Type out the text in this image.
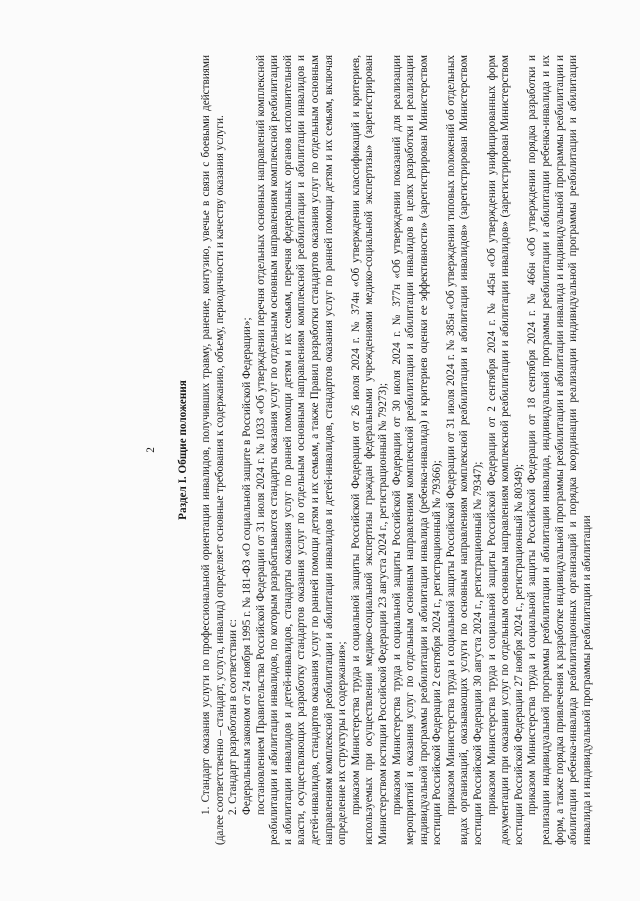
2 Раздел I. Общие положения 1. Стандарт оказания услуги по профессиональной ориентации инвалидов, получивших травму, ранение, контузию, увечье в связи с боевыми действиями (далее соответственно – стандарт, услуга, инвалид) определяет основные требования к содержанию, объему, периодичности и качеству оказания услуги. 2. Стандарт разработан в соответствии с: Федеральным законом от 24 ноября 1995 г. № 181-ФЗ «О социальной защите в Российской Федерации»; постановлением Правительства Российской Федерации от 31 июля 2024 г. № 1033 «Об утверждении перечня отдельных основных направлений комплексной реабилитации и абилитации инвалидов, по которым разрабатываются стандарты оказания услуг по отдельным основным направлениям комплексной реабилитации и абилитации инвалидов и детей-инвалидов, стандарты оказания услуг по ранней помощи детям и их семьям, перечня федеральных органов исполнительной власти, осуществляющих разработку стандартов оказания услуг по отдельным основным направлениям комплексной реабилитации и абилитации инвалидов и детей-инвалидов, стандартов оказания услуг по ранней помощи детям и их семьям, а также Правил разработки стандартов оказания услуг по отдельным основным направлениям комплексной реабилитации и абилитации инвалидов и детей-инвалидов, стандартов оказания услуг по ранней помощи детям и их семьям, включая определение их структуры и содержания»; приказом Министерства труда и социальной защиты Российской Федерации от 26 июля 2024 г. № 374н «Об утверждении классификаций и критериев, используемых при осуществлении медико-социальной экспертизы граждан федеральными учреждениями медико-социальной экспертизы» (зарегистрирован Министерством юстиции Российской Федерации 23 августа 2024 г., регистрационный № 79273); приказом Министерства труда и социальной защиты Российской Федерации от 30 июля 2024 г. № 377н «Об утверждении показаний для реализации мероприятий и оказания услуг по отдельным основным направлениям комплексной реабилитации и абилитации инвалидов в целях разработки и реализации индивидуальной программы реабилитации и абилитации инвалида (ребенка-инвалида) и критериев оценки ее эффективности» (зарегистрирован Министерством юстиции Российской Федерации 2 сентября 2024 г., регистрационный № 79366); приказом Министерства труда и социальной защиты Российской Федерации от 31 июля 2024 г. № 385н «Об утверждении типовых положений об отдельных видах организаций, оказывающих услуги по основным направлениям комплексной реабилитации и абилитации инвалидов» (зарегистрирован Министерством юстиции Российской Федерации 30 августа 2024 г., регистрационный № 79347); приказом Министерства труда и социальной защиты Российской Федерации от 2 сентября 2024 г. № 445н «Об утверждении унифицированных форм документации при оказании услуг по отдельным основным направлениям комплексной реабилитации и абилитации инвалидов» (зарегистрирован Министерством юстиции Российской Федерации 27 ноября 2024 г., регистрационный № 80349); приказом Министерства труда и социальной защиты Российской Федерации от 18 сентября 2024 г. № 466н «Об утверждении порядка разработки и реализации индивидуальной программы реабилитации и абилитации инвалида, индивидуальной программы реабилитации и абилитации ребенка-инвалида и их форм, а также порядка привлечения к разработке индивидуальной программы реабилитации и абилитации инвалида и индивидуальной программы реабилитации и абилитации ребенка-инвалида реабилитационных организаций и порядка координации реализации индивидуальной программы реабилитации и абилитации инвалида и индивидуальной программы реабилитации и абилитации
